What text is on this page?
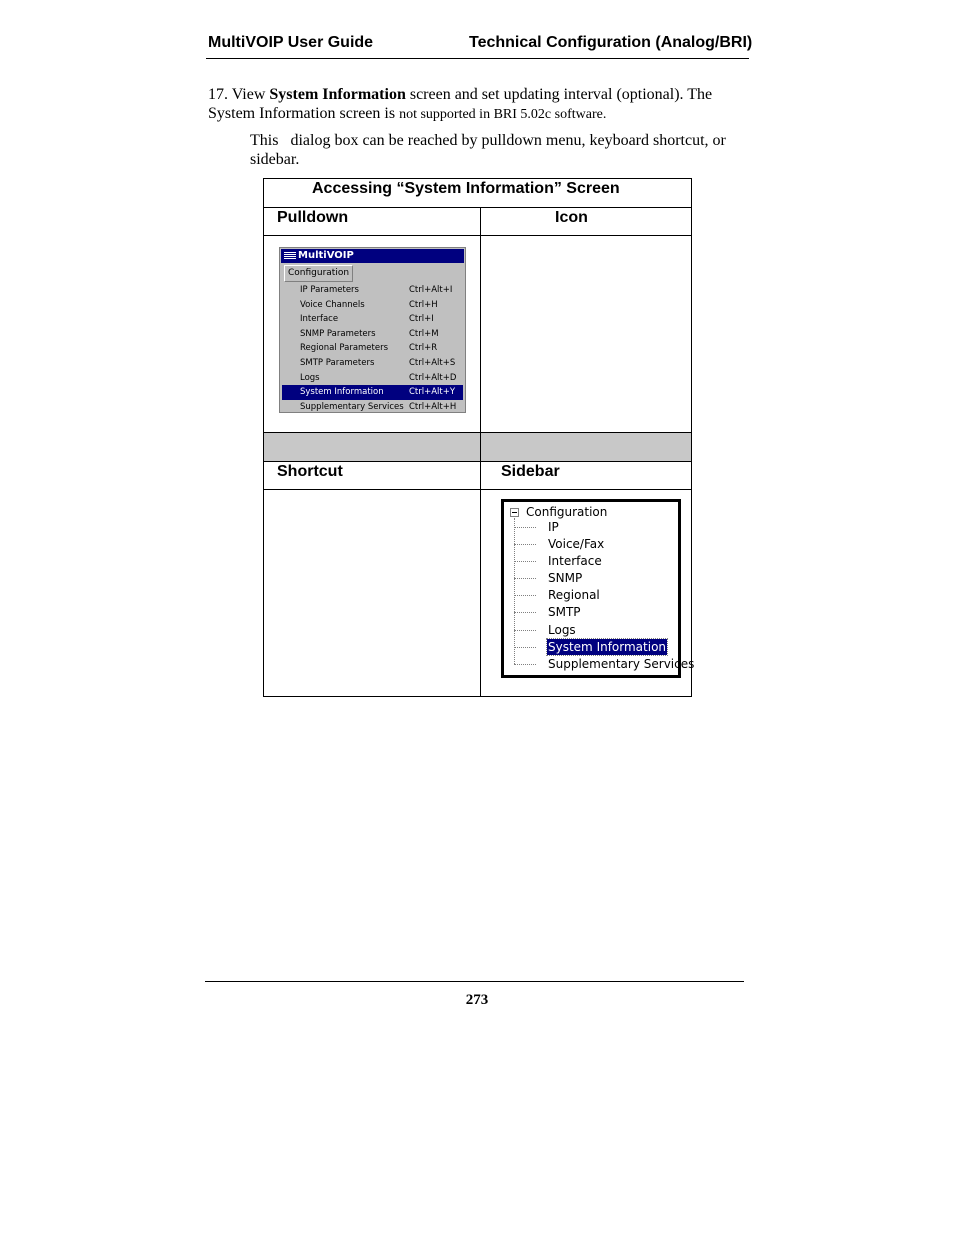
MultiVOIP User Guide	Technical Configuration (Analog/BRI)
17. View System Information screen and set updating interval (optional). The
System Information screen is not supported in BRI 5.02c software.
This   dialog box can be reached by pulldown menu, keyboard shortcut, or
sidebar.
Accessing “System Information” Screen
Pulldown	Icon
MultiVOIP
Configuration
IP Parameters	Ctrl+Alt+I
Voice Channels	Ctrl+H
Interface	Ctrl+I
SNMP Parameters	Ctrl+M
Regional Parameters Ctrl+R
SMTP Parameters	Ctrl+Alt+S
Logs	Ctrl+Alt+D
System Information	Ctrl+Alt+Y
Supplementary Services Ctrl+Alt+H
Shortcut	Sidebar
Configuration
IP
Voice/Fax
Interface
SNMP
Regional
SMTP
Logs
System Information
Supplementary Services
273
